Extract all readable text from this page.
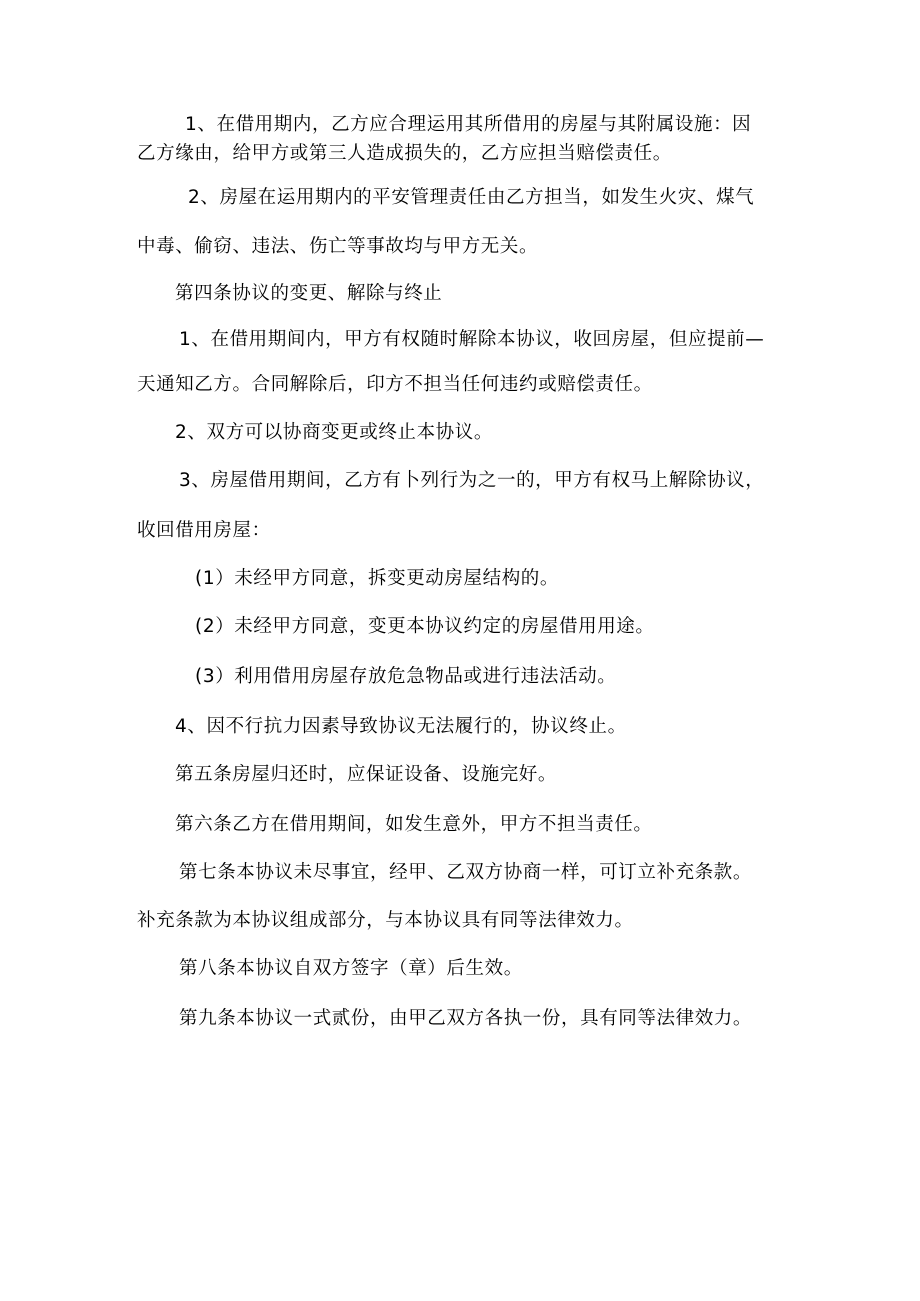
1、在借用期内，乙方应合理运用其所借用的房屋与其附属设施：因

乙方缘由，给甲方或第三人造成损失的，乙方应担当赔偿责任。

2、房屋在运用期内的平安管理责任由乙方担当，如发生火灾、煤气

中毒、偷窃、违法、伤亡等事故均与甲方无关。

第四条协议的变更、解除与终止

1、在借用期间内，甲方有权随时解除本协议，收回房屋，但应提前—

天通知乙方。合同解除后，印方不担当任何违约或赔偿责任。

2、双方可以协商变更或终止本协议。

3、房屋借用期间，乙方有卜列行为之一的，甲方有权马上解除协议，

收回借用房屋：

(1）未经甲方同意，拆变更动房屋结构的。

(2）未经甲方同意，变更本协议约定的房屋借用用途。

(3）利用借用房屋存放危急物品或进行违法活动。

4、因不行抗力因素导致协议无法履行的，协议终止。

第五条房屋归还时，应保证设备、设施完好。

第六条乙方在借用期间，如发生意外，甲方不担当责任。

第七条本协议未尽事宜，经甲、乙双方协商一样，可订立补充条款。

补充条款为本协议组成部分，与本协议具有同等法律效力。

第八条本协议自双方签字（章）后生效。

第九条本协议一式贰份，由甲乙双方各执一份，具有同等法律效力。
